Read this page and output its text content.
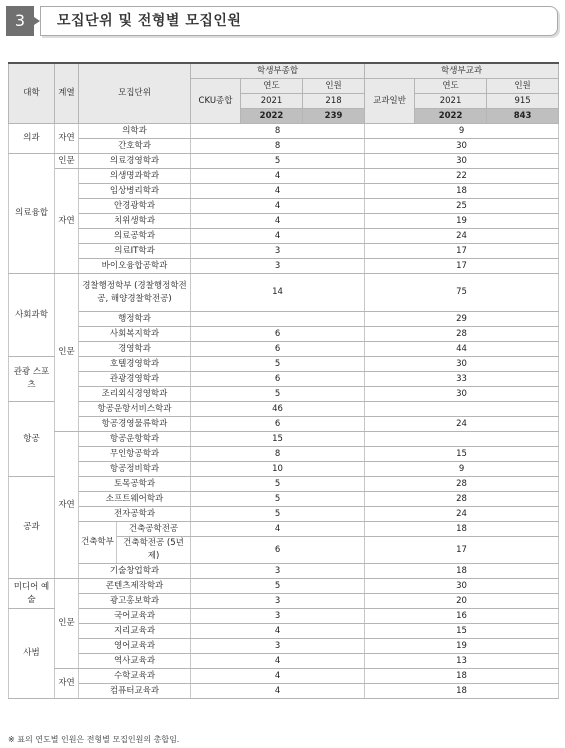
3	모집단위 및 전형별 모집인원
대학	계열	모집단위		학생부종합			학생부교과		
				CKU종합	연도	인원	교과일반	연도	인원
					2021	218		2021	915
					2022	239		2022	843
의과	자연	의학과		8			9		
		간호학과		8			30		
의료융합	인문	의료경영학과		5			30		
	자연	의생명과학과		4			22		
		임상병리학과		4			18		
		안경광학과		4			25		
		치위생학과		4			19		
		의료공학과		4			24		
		의료IT학과		3			17		
		바이오융합공학과		3			17		
사회과학	인문	경찰행정학부 (경찰행정학전공, 해양경찰학전공)		14			75		
		행정학과					29		
		사회복지학과		6			28		
		경영학과		6			44		
관광 스포츠		호텔경영학과		5			30		
		관광경영학과		6			33		
		조리외식경영학과		5			30		
항공		항공운항서비스학과		46					
		항공경영물류학과		6			24		
	자연	항공운항학과		15					
		무인항공학과		8			15		
		항공정비학과		10			9		
공과		토목공학과		5			28		
		소프트웨어학과		5			28		
		전자공학과		5			24		
		건축학부	건축공학전공	4			18		
			건축학전공 (5년제)	6			17		
		기술창업학과		3			18		
미디어 예술	인문	콘텐츠제작학과		5			30		
		광고홍보학과		3			20		
사범		국어교육과		3			16		
		지리교육과		4			15		
		영어교육과		3			19		
		역사교육과		4			13		
	자연	수학교육과		4			18		
		컴퓨터교육과		4			18		
※ 표의 연도별 인원은 전형별 모집인원의 총합임.
